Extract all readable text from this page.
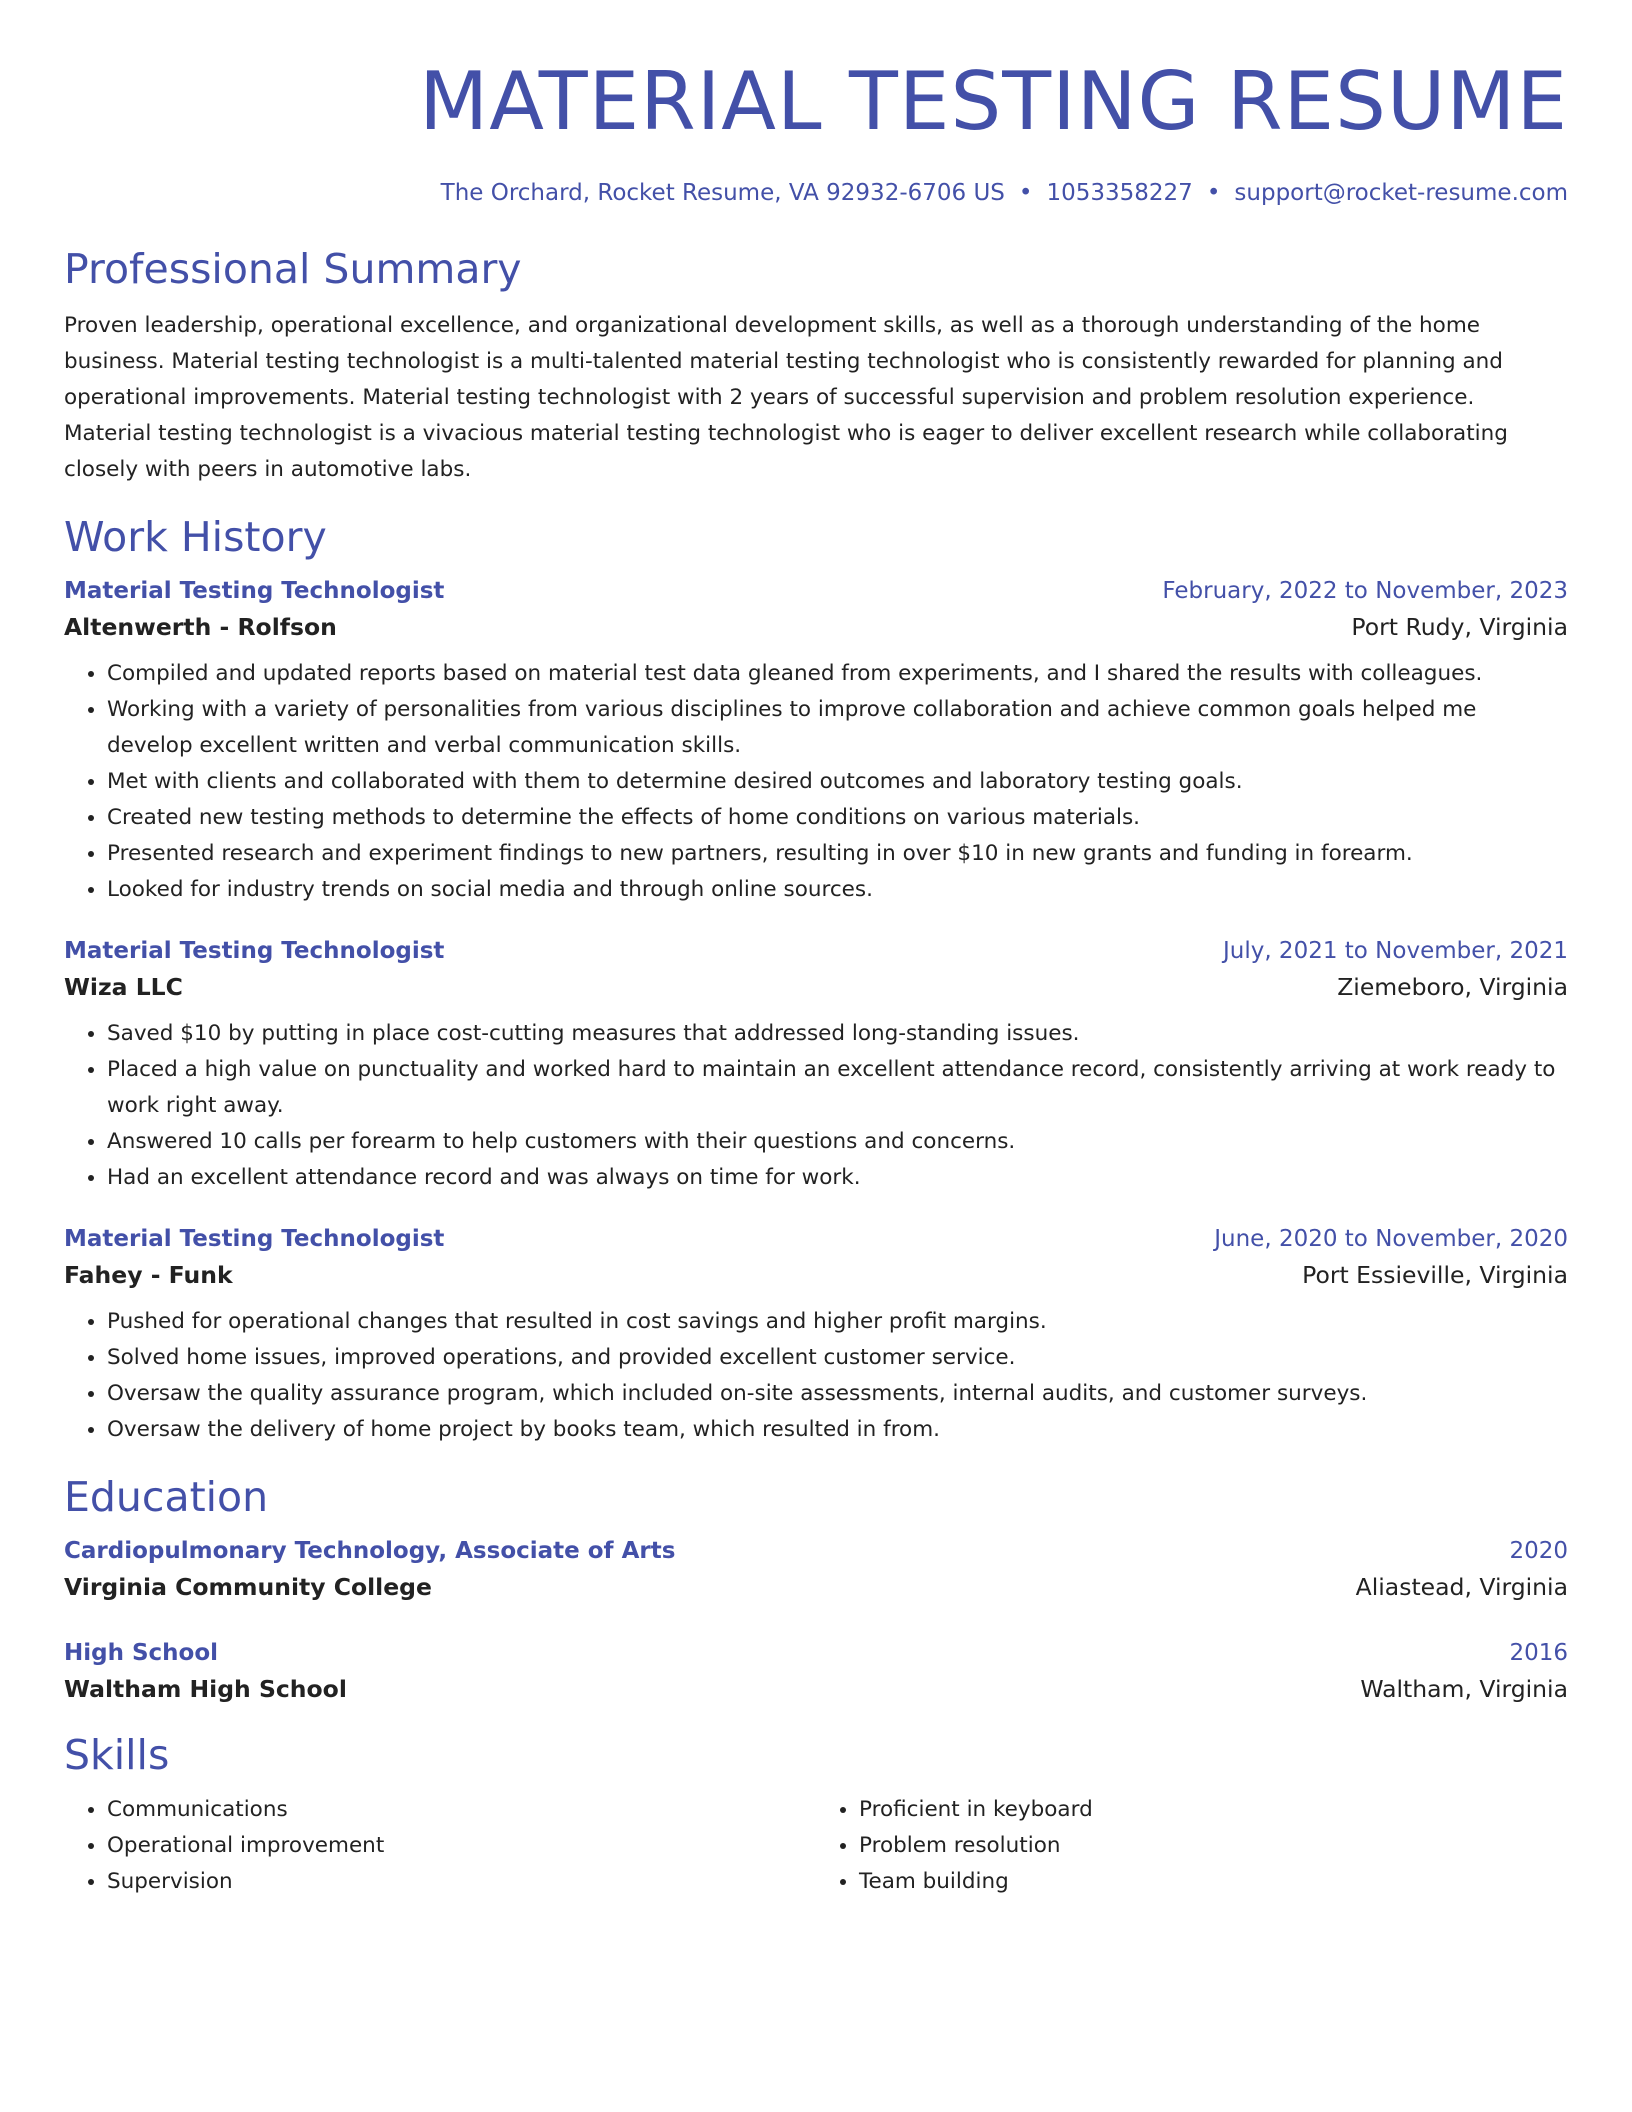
MATERIAL TESTING RESUME
The Orchard, Rocket Resume, VA 92932-6706 US • 1053358227 • support@rocket-resume.com
Professional Summary
Proven leadership, operational excellence, and organizational development skills, as well as a thorough understanding of the home business. Material testing technologist is a multi-talented material testing technologist who is consistently rewarded for planning and operational improvements. Material testing technologist with 2 years of successful supervision and problem resolution experience. Material testing technologist is a vivacious material testing technologist who is eager to deliver excellent research while collaborating closely with peers in automotive labs.
Work History
Material Testing Technologist	February, 2022 to November, 2023
Altenwerth - Rolfson	Port Rudy, Virginia
• Compiled and updated reports based on material test data gleaned from experiments, and I shared the results with colleagues.
• Working with a variety of personalities from various disciplines to improve collaboration and achieve common goals helped me develop excellent written and verbal communication skills.
• Met with clients and collaborated with them to determine desired outcomes and laboratory testing goals.
• Created new testing methods to determine the effects of home conditions on various materials.
• Presented research and experiment findings to new partners, resulting in over $10 in new grants and funding in forearm.
• Looked for industry trends on social media and through online sources.
Material Testing Technologist	July, 2021 to November, 2021
Wiza LLC	Ziemeboro, Virginia
• Saved $10 by putting in place cost-cutting measures that addressed long-standing issues.
• Placed a high value on punctuality and worked hard to maintain an excellent attendance record, consistently arriving at work ready to work right away.
• Answered 10 calls per forearm to help customers with their questions and concerns.
• Had an excellent attendance record and was always on time for work.
Material Testing Technologist	June, 2020 to November, 2020
Fahey - Funk	Port Essieville, Virginia
• Pushed for operational changes that resulted in cost savings and higher profit margins.
• Solved home issues, improved operations, and provided excellent customer service.
• Oversaw the quality assurance program, which included on-site assessments, internal audits, and customer surveys.
• Oversaw the delivery of home project by books team, which resulted in from.
Education
Cardiopulmonary Technology, Associate of Arts	2020
Virginia Community College	Aliastead, Virginia
High School	2016
Waltham High School	Waltham, Virginia
Skills
• Communications
• Operational improvement
• Supervision
• Proficient in keyboard
• Problem resolution
• Team building
